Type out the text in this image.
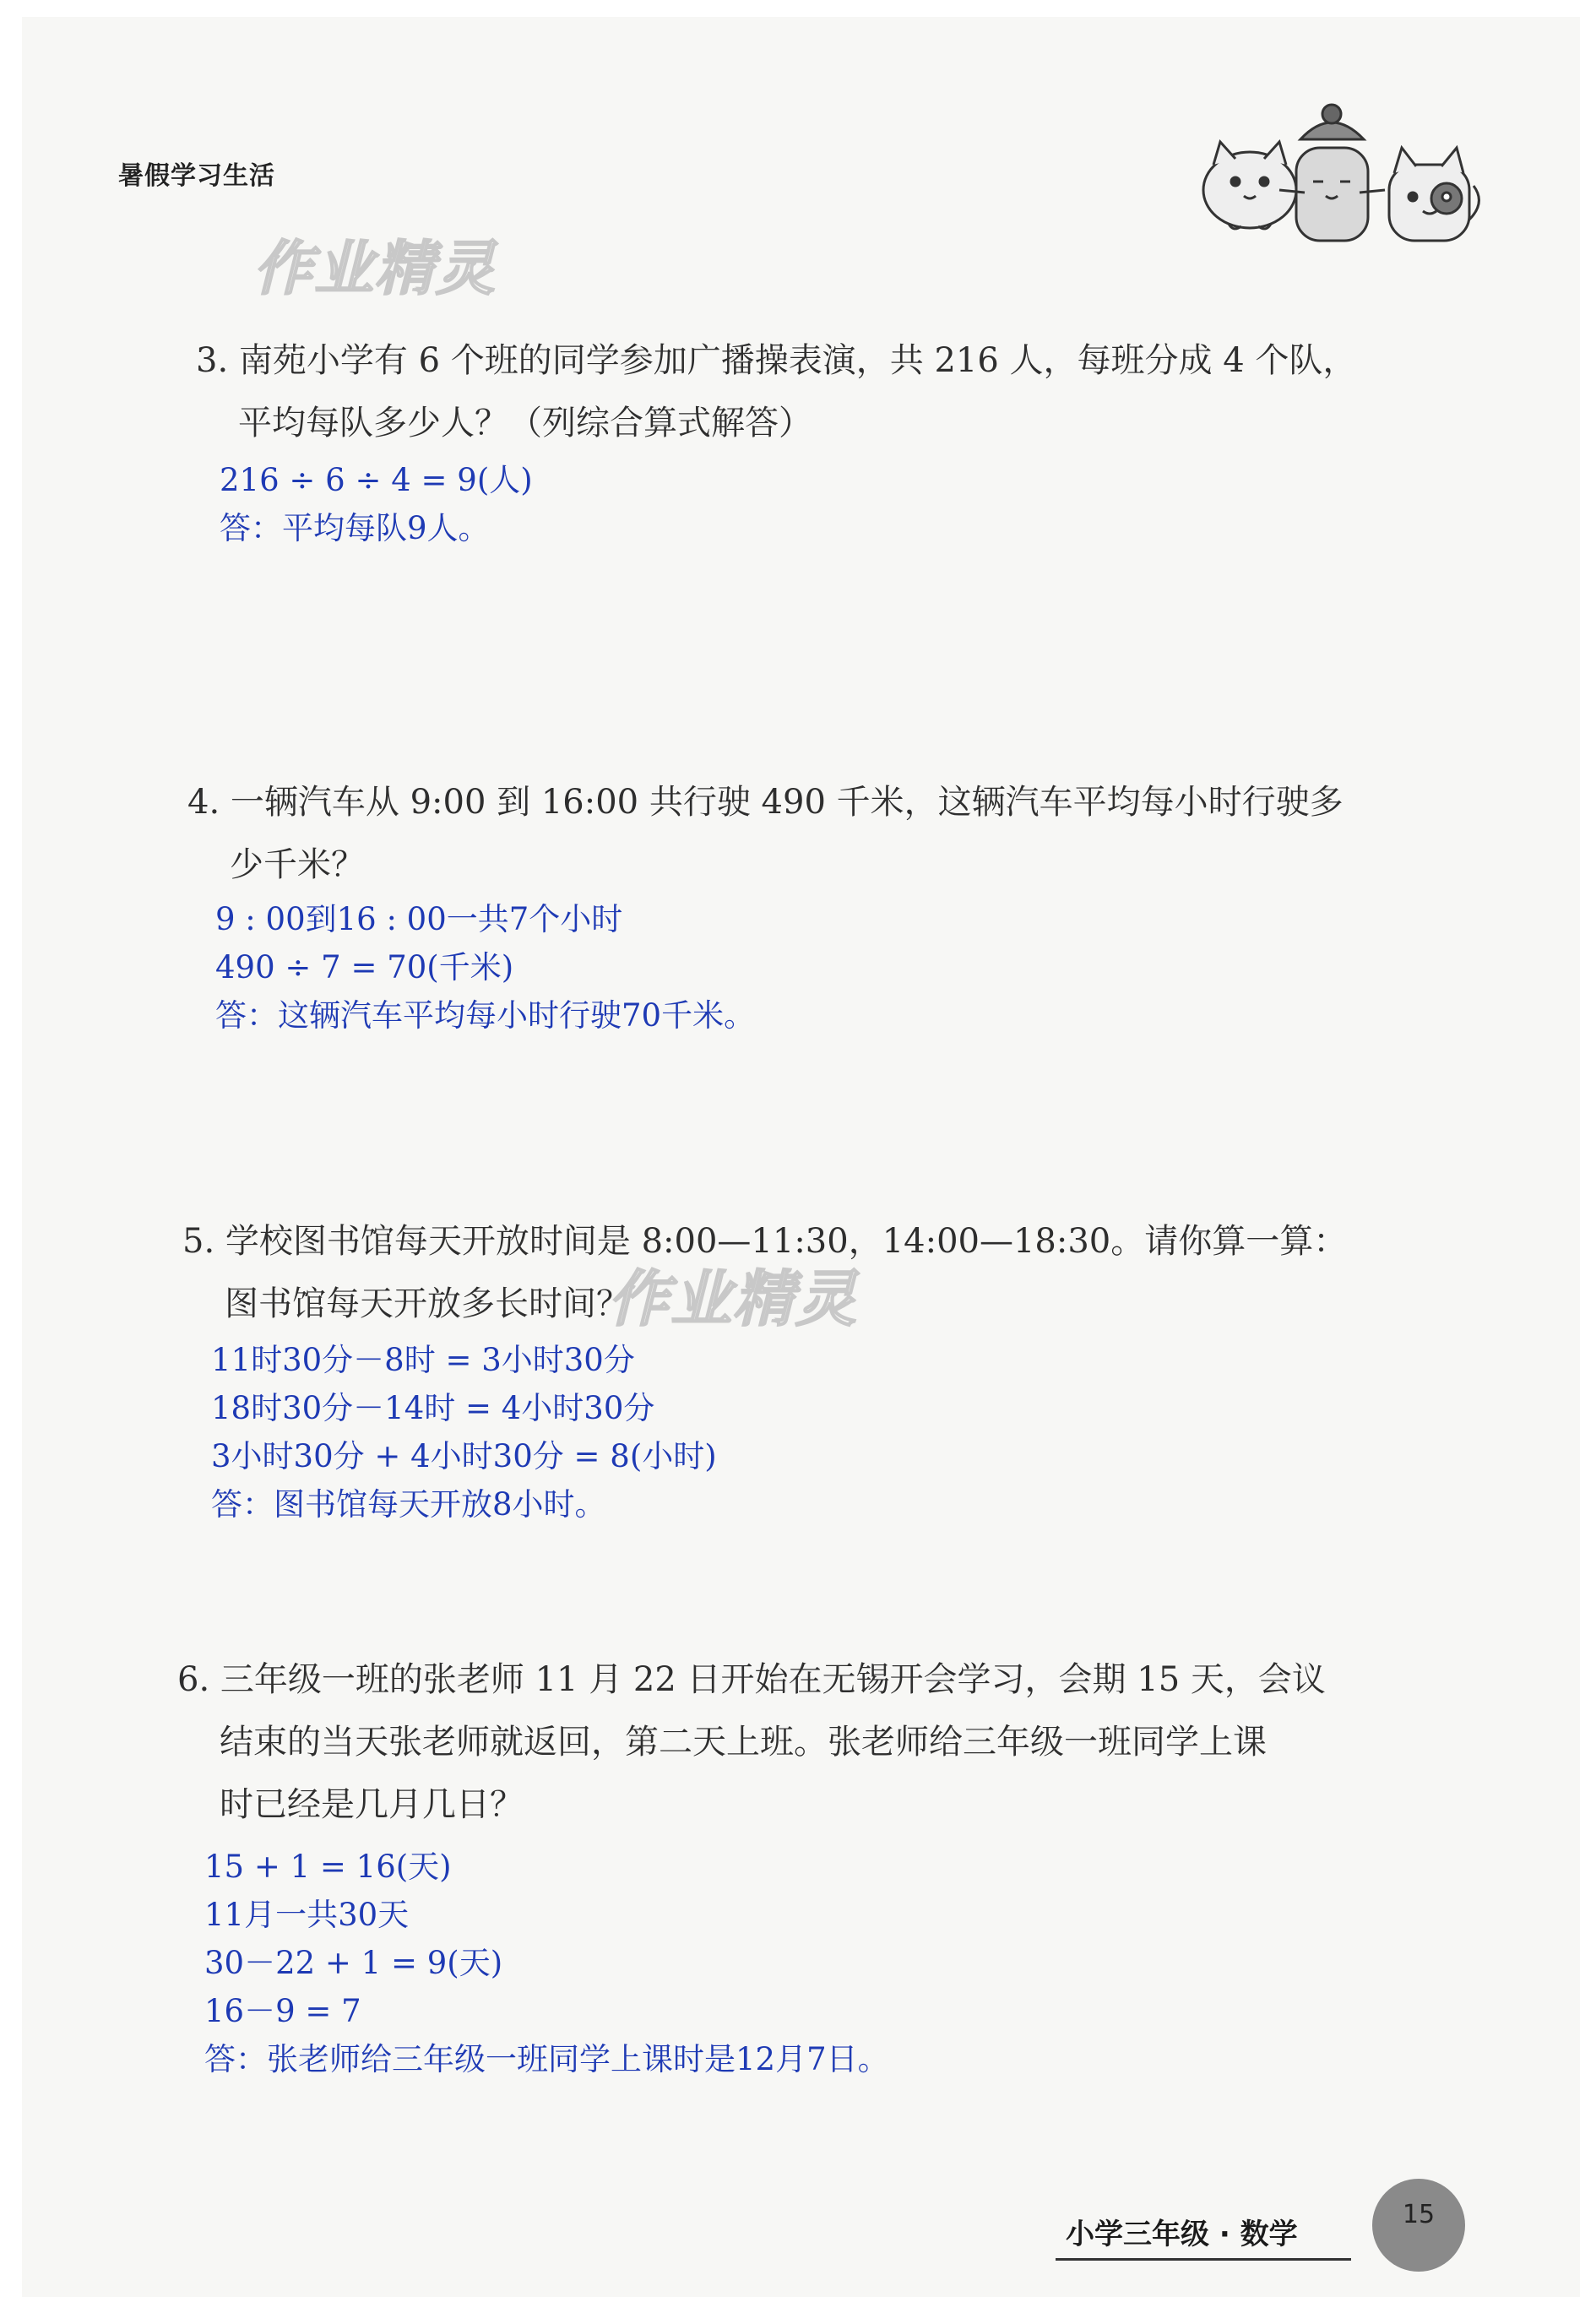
暑假学习生活
作业精灵
作业精灵
3. 南苑小学有 6 个班的同学参加广播操表演，共 216 人，每班分成 4 个队，
平均每队多少人？（列综合算式解答）
216 ÷ 6 ÷ 4 = 9(人)
答：平均每队9人。
4. 一辆汽车从 9:00 到 16:00 共行驶 490 千米，这辆汽车平均每小时行驶多
少千米？
9 : 00到16 : 00一共7个小时
490 ÷ 7 = 70(千米)
答：这辆汽车平均每小时行驶70千米。
5. 学校图书馆每天开放时间是 8:00—11:30，14:00—18:30。请你算一算：
图书馆每天开放多长时间？
11时30分－8时 = 3小时30分
18时30分－14时 = 4小时30分
3小时30分 + 4小时30分 = 8(小时)
答：图书馆每天开放8小时。
6. 三年级一班的张老师 11 月 22 日开始在无锡开会学习，会期 15 天，会议
结束的当天张老师就返回，第二天上班。张老师给三年级一班同学上课
时已经是几月几日？
15 + 1 = 16(天)
11月一共30天
30－22 + 1 = 9(天)
16－9 = 7
答：张老师给三年级一班同学上课时是12月7日。
小学三年级 · 数学
15
